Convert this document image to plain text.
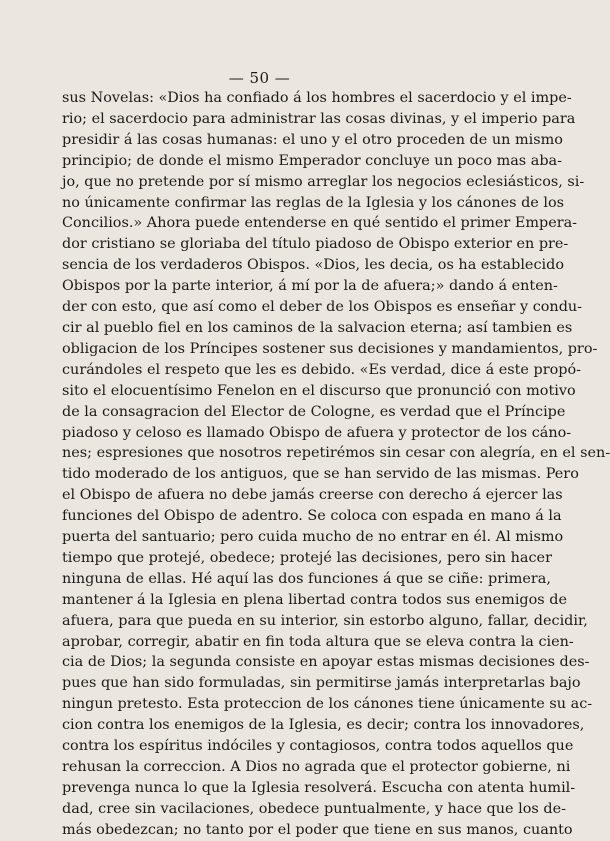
— 50 —
sus Novelas: «Dios ha confiado á los hombres el sacerdocio y el impe-
rio; el sacerdocio para administrar las cosas divinas, y el imperio para
presidir á las cosas humanas: el uno y el otro proceden de un mismo
principio; de donde el mismo Emperador concluye un poco mas aba-
jo, que no pretende por sí mismo arreglar los negocios eclesiásticos, si-
no únicamente confirmar las reglas de la Iglesia y los cánones de los
Concilios.» Ahora puede entenderse en qué sentido el primer Empera-
dor cristiano se gloriaba del título piadoso de Obispo exterior en pre-
sencia de los verdaderos Obispos. «Dios, les decia, os ha establecido
Obispos por la parte interior, á mí por la de afuera;» dando á enten-
der con esto, que así como el deber de los Obispos es enseñar y condu-
cir al pueblo fiel en los caminos de la salvacion eterna; así tambien es
obligacion de los Príncipes sostener sus decisiones y mandamientos, pro-
curándoles el respeto que les es debido. «Es verdad, dice á este propó-
sito el elocuentísimo Fenelon en el discurso que pronunció con motivo
de la consagracion del Elector de Cologne, es verdad que el Príncipe
piadoso y celoso es llamado Obispo de afuera y protector de los cáno-
nes; espresiones que nosotros repetirémos sin cesar con alegría, en el sen-
tido moderado de los antiguos, que se han servido de las mismas. Pero
el Obispo de afuera no debe jamás creerse con derecho á ejercer las
funciones del Obispo de adentro. Se coloca con espada en mano á la
puerta del santuario; pero cuida mucho de no entrar en él. Al mismo
tiempo que protejé, obedece; protejé las decisiones, pero sin hacer
ninguna de ellas. Hé aquí las dos funciones á que se ciñe: primera,
mantener á la Iglesia en plena libertad contra todos sus enemigos de
afuera, para que pueda en su interior, sin estorbo alguno, fallar, decidir,
aprobar, corregir, abatir en fin toda altura que se eleva contra la cien-
cia de Dios; la segunda consiste en apoyar estas mismas decisiones des-
pues que han sido formuladas, sin permitirse jamás interpretarlas bajo
ningun pretesto. Esta proteccion de los cánones tiene únicamente su ac-
cion contra los enemigos de la Iglesia, es decir; contra los innovadores,
contra los espíritus indóciles y contagiosos, contra todos aquellos que
rehusan la correccion. A Dios no agrada que el protector gobierne, ni
prevenga nunca lo que la Iglesia resolverá. Escucha con atenta humil-
dad, cree sin vacilaciones, obedece puntualmente, y hace que los de-
más obedezcan; no tanto por el poder que tiene en sus manos, cuanto
